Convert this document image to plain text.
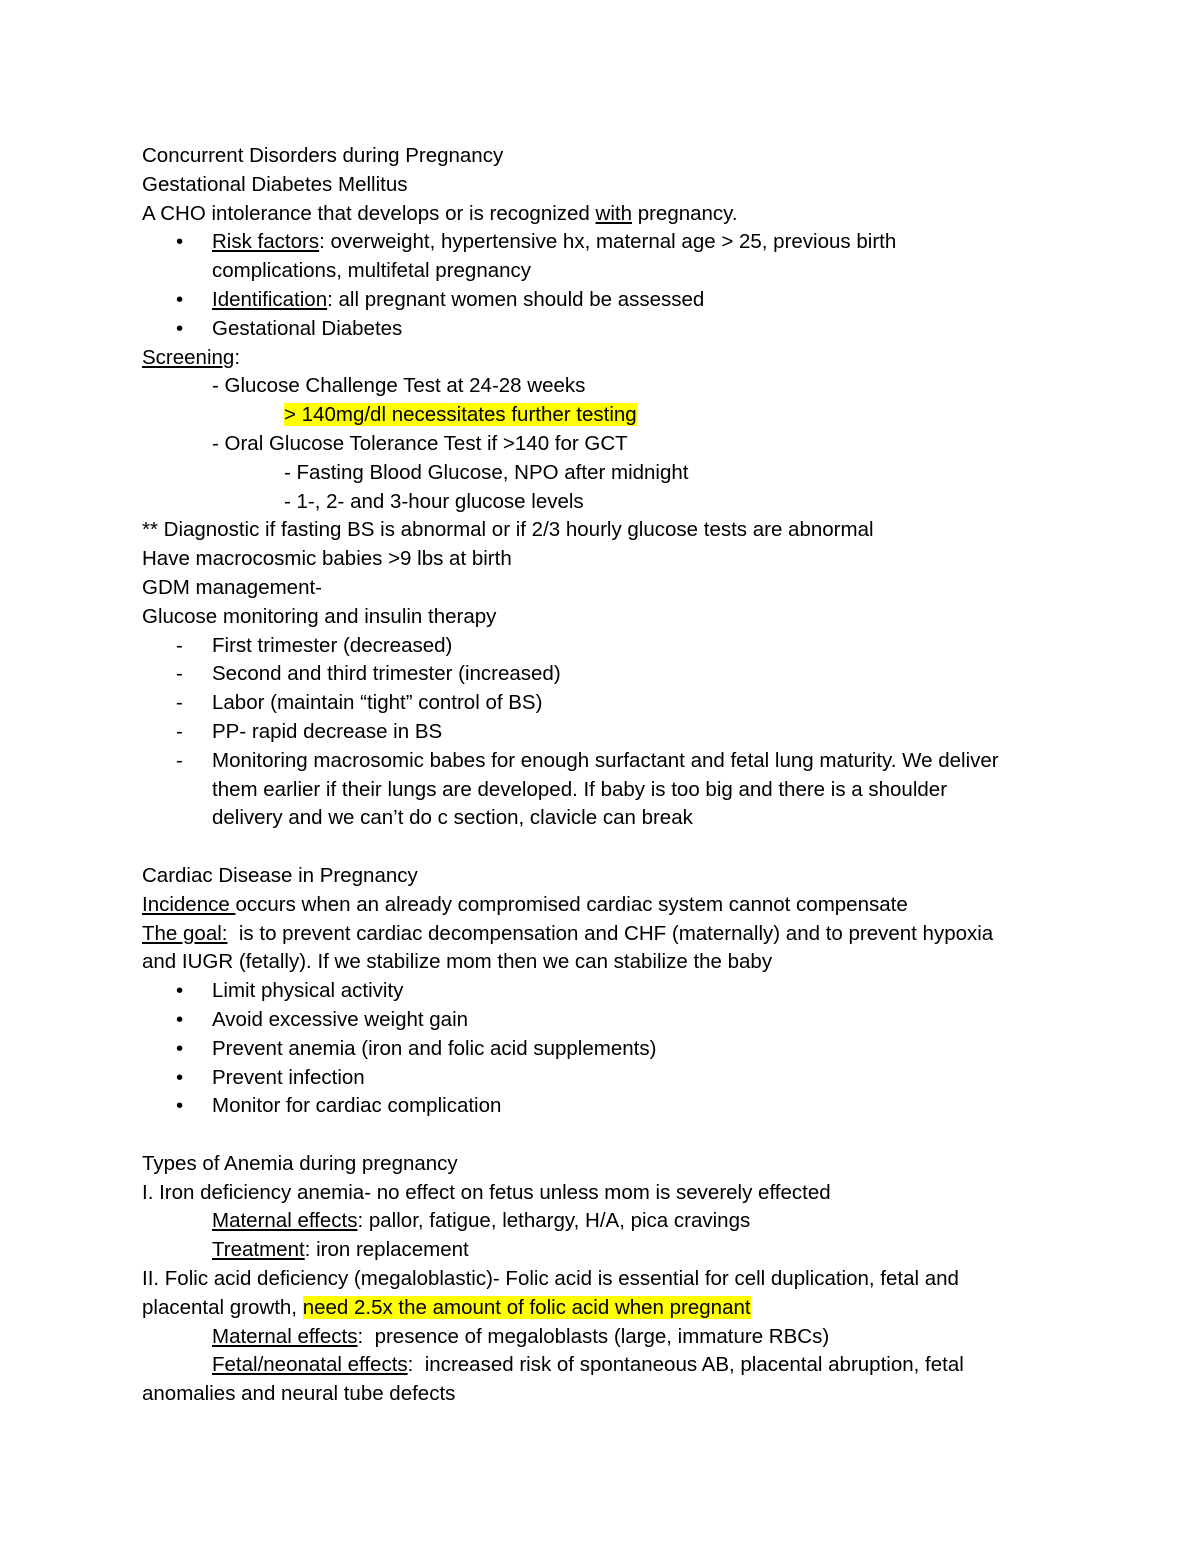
Concurrent Disorders during Pregnancy
Gestational Diabetes Mellitus
A CHO intolerance that develops or is recognized with pregnancy.
• Risk factors: overweight, hypertensive hx, maternal age > 25, previous birth
complications, multifetal pregnancy
• Identification: all pregnant women should be assessed
• Gestational Diabetes
Screening:
- Glucose Challenge Test at 24-28 weeks
> 140mg/dl necessitates further testing
- Oral Glucose Tolerance Test if >140 for GCT
- Fasting Blood Glucose, NPO after midnight
- 1-, 2- and 3-hour glucose levels
** Diagnostic if fasting BS is abnormal or if 2/3 hourly glucose tests are abnormal
Have macrocosmic babies >9 lbs at birth
GDM management-
Glucose monitoring and insulin therapy
- First trimester (decreased)
- Second and third trimester (increased)
- Labor (maintain “tight” control of BS)
- PP- rapid decrease in BS
- Monitoring macrosomic babes for enough surfactant and fetal lung maturity. We deliver
them earlier if their lungs are developed. If baby is too big and there is a shoulder
delivery and we can’t do c section, clavicle can break
Cardiac Disease in Pregnancy
Incidence occurs when an already compromised cardiac system cannot compensate
The goal:  is to prevent cardiac decompensation and CHF (maternally) and to prevent hypoxia
and IUGR (fetally). If we stabilize mom then we can stabilize the baby
• Limit physical activity
• Avoid excessive weight gain
• Prevent anemia (iron and folic acid supplements)
• Prevent infection
• Monitor for cardiac complication
Types of Anemia during pregnancy
I. Iron deficiency anemia- no effect on fetus unless mom is severely effected
Maternal effects: pallor, fatigue, lethargy, H/A, pica cravings
Treatment: iron replacement
II. Folic acid deficiency (megaloblastic)- Folic acid is essential for cell duplication, fetal and
placental growth, need 2.5x the amount of folic acid when pregnant
Maternal effects:  presence of megaloblasts (large, immature RBCs)
Fetal/neonatal effects:  increased risk of spontaneous AB, placental abruption, fetal
anomalies and neural tube defects
